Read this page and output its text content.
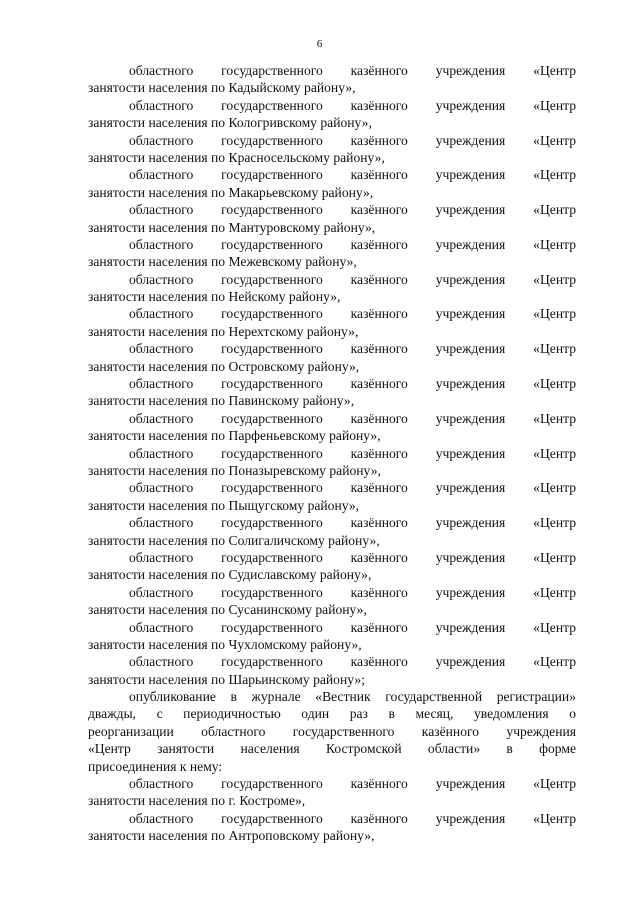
6
областного государственного казённого учреждения «Центр
занятости населения по Кадыйскому району»,
областного государственного казённого учреждения «Центр
занятости населения по Кологривскому району»,
областного государственного казённого учреждения «Центр
занятости населения по Красносельскому району»,
областного государственного казённого учреждения «Центр
занятости населения по Макарьевскому району»,
областного государственного казённого учреждения «Центр
занятости населения по Мантуровскому району»,
областного государственного казённого учреждения «Центр
занятости населения по Межевскому району»,
областного государственного казённого учреждения «Центр
занятости населения по Нейскому району»,
областного государственного казённого учреждения «Центр
занятости населения по Нерехтскому району»,
областного государственного казённого учреждения «Центр
занятости населения по Островскому району»,
областного государственного казённого учреждения «Центр
занятости населения по Павинскому району»,
областного государственного казённого учреждения «Центр
занятости населения по Парфеньевскому району»,
областного государственного казённого учреждения «Центр
занятости населения по Поназыревскому району»,
областного государственного казённого учреждения «Центр
занятости населения по Пыщугскому району»,
областного государственного казённого учреждения «Центр
занятости населения по Солигаличскому району»,
областного государственного казённого учреждения «Центр
занятости населения по Судиславскому району»,
областного государственного казённого учреждения «Центр
занятости населения по Сусанинскому району»,
областного государственного казённого учреждения «Центр
занятости населения по Чухломскому району»,
областного государственного казённого учреждения «Центр
занятости населения по Шарьинскому району»;
опубликование в журнале «Вестник государственной регистрации»
дважды, с периодичностью один раз в месяц, уведомления о
реорганизации областного государственного казённого учреждения
«Центр занятости населения Костромской области» в форме
присоединения к нему:
областного государственного казённого учреждения «Центр
занятости населения по г. Костроме»,
областного государственного казённого учреждения «Центр
занятости населения по Антроповскому району»,
